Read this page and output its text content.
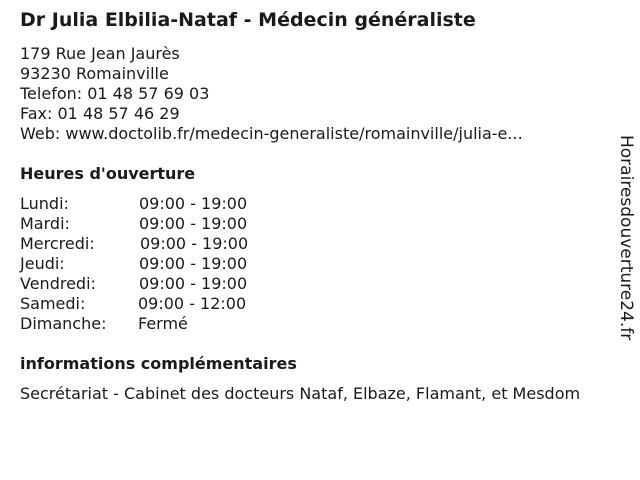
Dr Julia Elbilia-Nataf - Médecin généraliste
179 Rue Jean Jaurès
93230 Romainville
Telefon: 01 48 57 69 03
Fax: 01 48 57 46 29
Web: www.doctolib.fr/medecin-generaliste/romainville/julia-e...
Heures d'ouverture
Lundi:	09:00 - 19:00
Mardi:	09:00 - 19:00
Mercredi:	09:00 - 19:00
Jeudi:	09:00 - 19:00
Vendredi:	09:00 - 19:00
Samedi:	09:00 - 12:00
Dimanche: Fermé
informations complémentaires
Secrétariat - Cabinet des docteurs Nataf, Elbaze, Flamant, et Mesdom
Horairesdouverture24.fr
